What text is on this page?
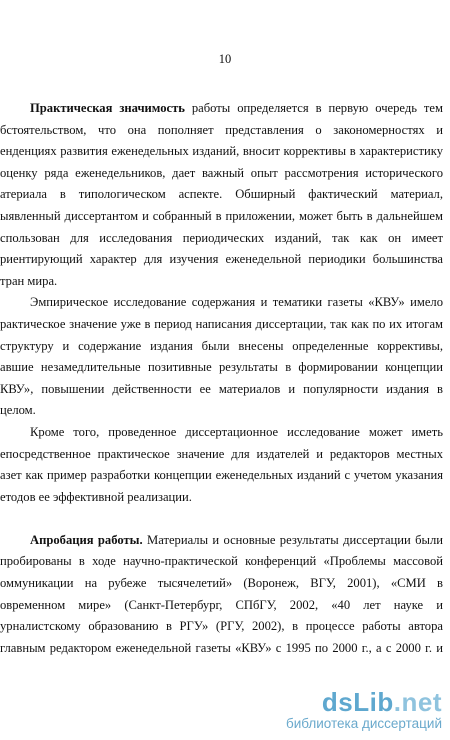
10
Практическая значимость работы определяется в первую очередь тем
бстоятельством, что она пополняет представления о закономерностях и
енденциях развития еженедельных изданий, вносит коррективы в характеристику
оценку ряда еженедельников, дает важный опыт рассмотрения исторического
атериала в типологическом аспекте. Обширный фактический материал,
ыявленный диссертантом и собранный в приложении, может быть в дальнейшем
спользован для исследования периодических изданий, так как он имеет
риентирующий характер для изучения еженедельной периодики большинства
тран мира.
Эмпирическое исследование содержания и тематики газеты «КВУ» имело
рактическое значение уже в период написания диссертации, так как по их итогам
структуру и содержание издания были внесены определенные коррективы,
авшие незамедлительные позитивные результаты в формировании концепции
КВУ», повышении действенности ее материалов и популярности издания в
целом.
Кроме того, проведенное диссертационное исследование может иметь
епосредственное практическое значение для издателей и редакторов местных
азет как пример разработки концепции еженедельных изданий с учетом указания
етодов ее эффективной реализации.
Апробация работы. Материалы и основные результаты диссертации были
пробированы в ходе научно-практической конференций «Проблемы массовой
оммуникации на рубеже тысячелетий» (Воронеж, ВГУ, 2001), «СМИ в
овременном мире» (Санкт-Петербург, СПбГУ, 2002, «40 лет науке и
урналистскому образованию в РГУ» (РГУ, 2002), в процессе работы автора
главным редактором еженедельной газеты «КВУ» с 1995 по 2000 г., а с 2000 г. и
dsLib.net
библиотека диссертаций
